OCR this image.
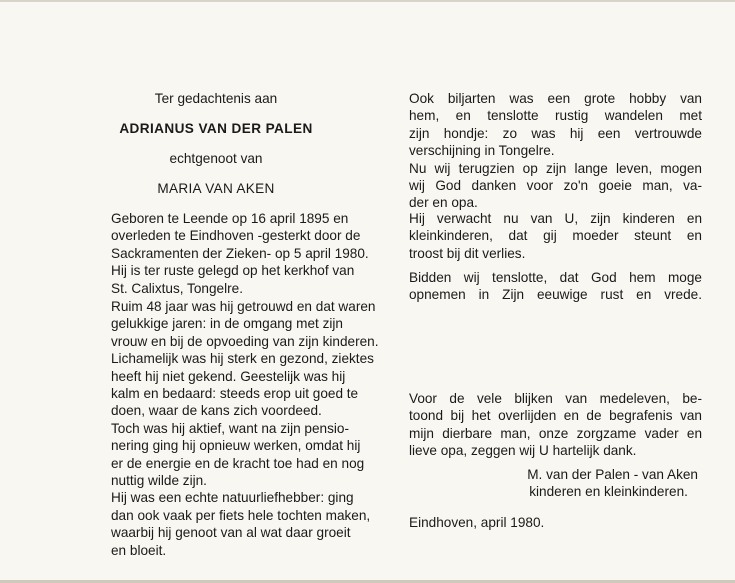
Ter gedachtenis aan
ADRIANUS VAN DER PALEN
echtgenoot van
MARIA VAN AKEN
Geboren te Leende op 16 april 1895 en
overleden te Eindhoven -gesterkt door de
Sackramenten der Zieken- op 5 april 1980.
Hij is ter ruste gelegd op het kerkhof van
St. Calixtus, Tongelre.
Ruim 48 jaar was hij getrouwd en dat waren
gelukkige jaren: in de omgang met zijn
vrouw en bij de opvoeding van zijn kinderen.
Lichamelijk was hij sterk en gezond, ziektes
heeft hij niet gekend. Geestelijk was hij
kalm en bedaard: steeds erop uit goed te
doen, waar de kans zich voordeed.
Toch was hij aktief, want na zijn pensio-
nering ging hij opnieuw werken, omdat hij
er de energie en de kracht toe had en nog
nuttig wilde zijn.
Hij was een echte natuurliefhebber: ging
dan ook vaak per fiets hele tochten maken,
waarbij hij genoot van al wat daar groeit
en bloeit.
Ook biljarten was een grote hobby van
hem, en tenslotte rustig wandelen met
zijn hondje: zo was hij een vertrouwde
verschijning in Tongelre.
Nu wij terugzien op zijn lange leven, mogen
wij God danken voor zo'n goeie man, va-
der en opa.
Hij verwacht nu van U, zijn kinderen en
kleinkinderen, dat gij moeder steunt en
troost bij dit verlies.
Bidden wij tenslotte, dat God hem moge
opnemen in Zijn eeuwige rust en vrede.
Voor de vele blijken van medeleven, be-
toond bij het overlijden en de begrafenis van
mijn dierbare man, onze zorgzame vader en
lieve opa, zeggen wij U hartelijk dank.
M. van der Palen - van Aken
kinderen en kleinkinderen.
Eindhoven, april 1980.
